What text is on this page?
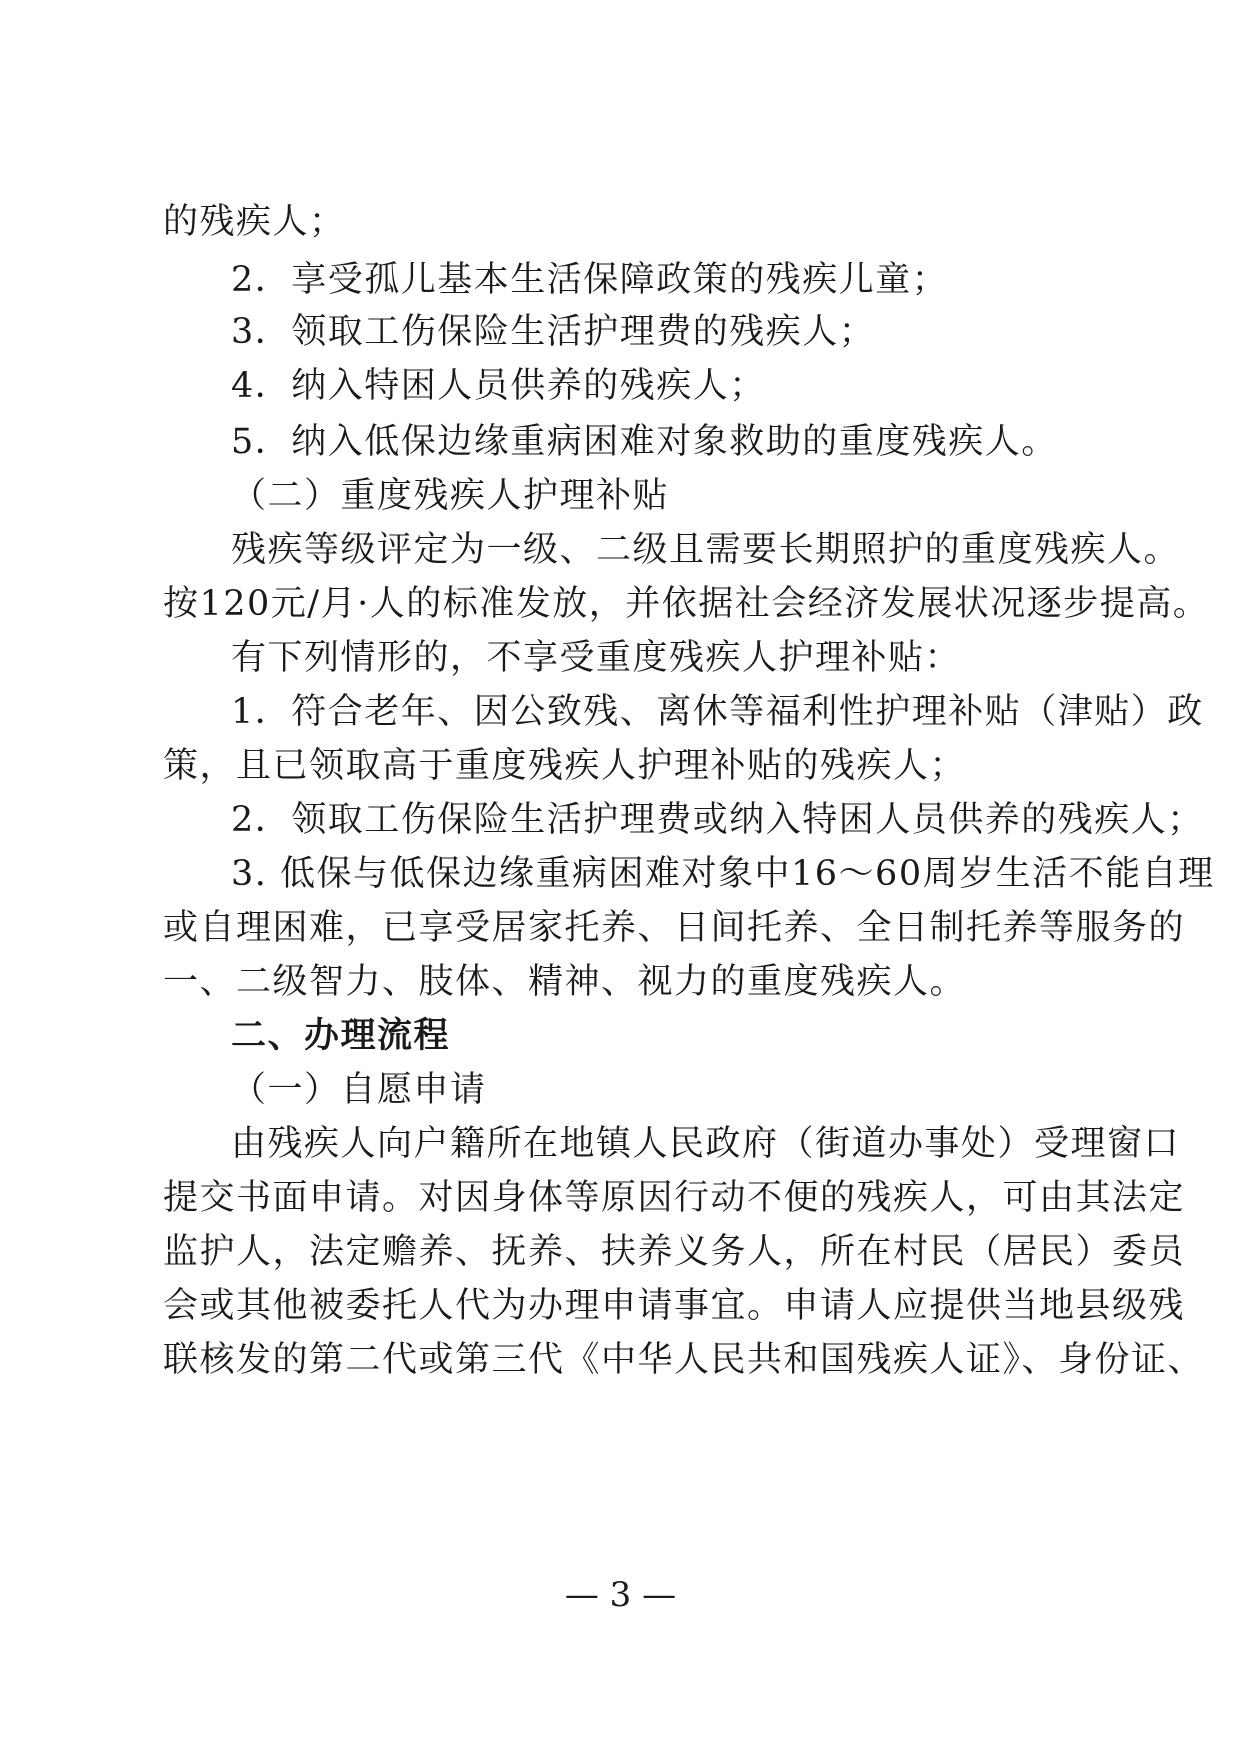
的残疾人；
2．享受孤儿基本生活保障政策的残疾儿童；
3．领取工伤保险生活护理费的残疾人；
4．纳入特困人员供养的残疾人；
5．纳入低保边缘重病困难对象救助的重度残疾人。
（二）重度残疾人护理补贴
残疾等级评定为一级、二级且需要长期照护的重度残疾人。
按120元/月·人的标准发放，并依据社会经济发展状况逐步提高。
有下列情形的，不享受重度残疾人护理补贴：
1．符合老年、因公致残、离休等福利性护理补贴（津贴）政
策，且已领取高于重度残疾人护理补贴的残疾人；
2．领取工伤保险生活护理费或纳入特困人员供养的残疾人；
3. 低保与低保边缘重病困难对象中16～60周岁生活不能自理
或自理困难，已享受居家托养、日间托养、全日制托养等服务的
一、二级智力、肢体、精神、视力的重度残疾人。
二、办理流程
（一）自愿申请
由残疾人向户籍所在地镇人民政府（街道办事处）受理窗口
提交书面申请。对因身体等原因行动不便的残疾人，可由其法定
监护人，法定赡养、抚养、扶养义务人，所在村民（居民）委员
会或其他被委托人代为办理申请事宜。申请人应提供当地县级残
联核发的第二代或第三代《中华人民共和国残疾人证》、身份证、
— 3 —
